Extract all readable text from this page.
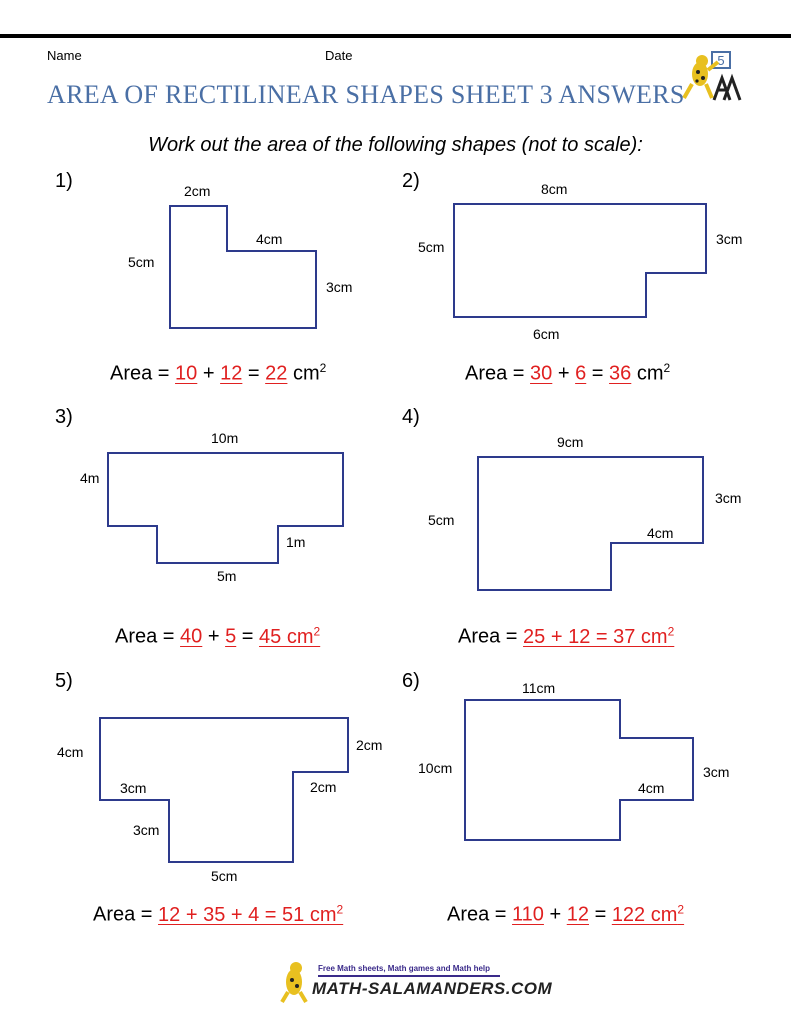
Name	Date	5
AREA OF RECTILINEAR SHAPES SHEET 3 ANSWERS
Work out the area of the following shapes (not to scale):
1)	2cm
4cm
5cm
3cm
Area = 10 + 12 = 22 $cm^2$
2)	8cm
5cm	3cm
6cm
Area = 30 + 6 = 36 $cm^2$
3)
10m
4m
1m
5m
Area = 40 + 5 = 45 $cm^2$
4)
9cm
3cm
5cm
4cm
Area = 25 + 12 = 37 $cm^2$
5)
4cm	2cm
3cm	2cm
3cm
5cm
Area = 12 + 35 + 4 = 51 $cm^2$
6)	11cm
10cm	3cm
4cm
Area = 110 + 12 = 122 $cm^2$
Free Math sheets, Math games and Math help
MATH-SALAMANDERS.COM
